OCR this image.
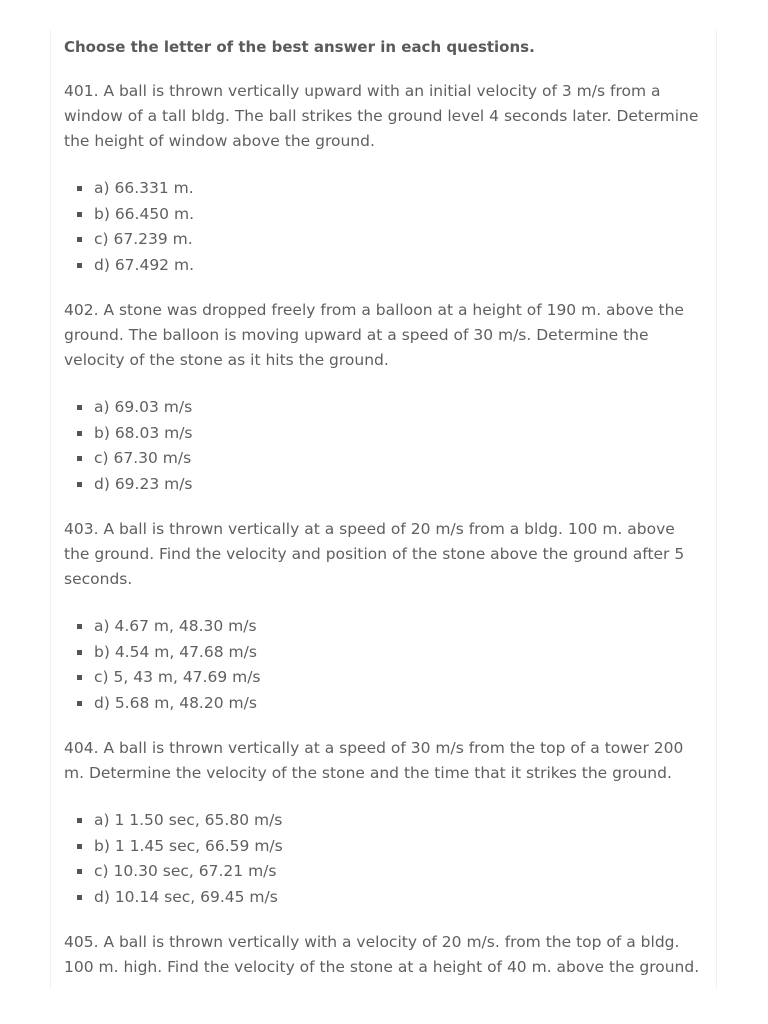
Choose the letter of the best answer in each questions.

401. A ball is thrown vertically upward with an initial velocity of 3 m/s from a window of a tall bldg. The ball strikes the ground level 4 seconds later. Determine the height of window above the ground.

a) 66.331 m.
b) 66.450 m.
c) 67.239 m.
d) 67.492 m.

402. A stone was dropped freely from a balloon at a height of 190 m. above the ground. The balloon is moving upward at a speed of 30 m/s. Determine the velocity of the stone as it hits the ground.

a) 69.03 m/s
b) 68.03 m/s
c) 67.30 m/s
d) 69.23 m/s

403. A ball is thrown vertically at a speed of 20 m/s from a bldg. 100 m. above the ground. Find the velocity and position of the stone above the ground after 5 seconds.

a) 4.67 m, 48.30 m/s
b) 4.54 m, 47.68 m/s
c) 5, 43 m, 47.69 m/s
d) 5.68 m, 48.20 m/s

404. A ball is thrown vertically at a speed of 30 m/s from the top of a tower 200 m. Determine the velocity of the stone and the time that it strikes the ground.

a) 1 1.50 sec, 65.80 m/s
b) 1 1.45 sec, 66.59 m/s
c) 10.30 sec, 67.21 m/s
d) 10.14 sec, 69.45 m/s

405. A ball is thrown vertically with a velocity of 20 m/s. from the top of a bldg. 100 m. high. Find the velocity of the stone at a height of 40 m. above the ground.
